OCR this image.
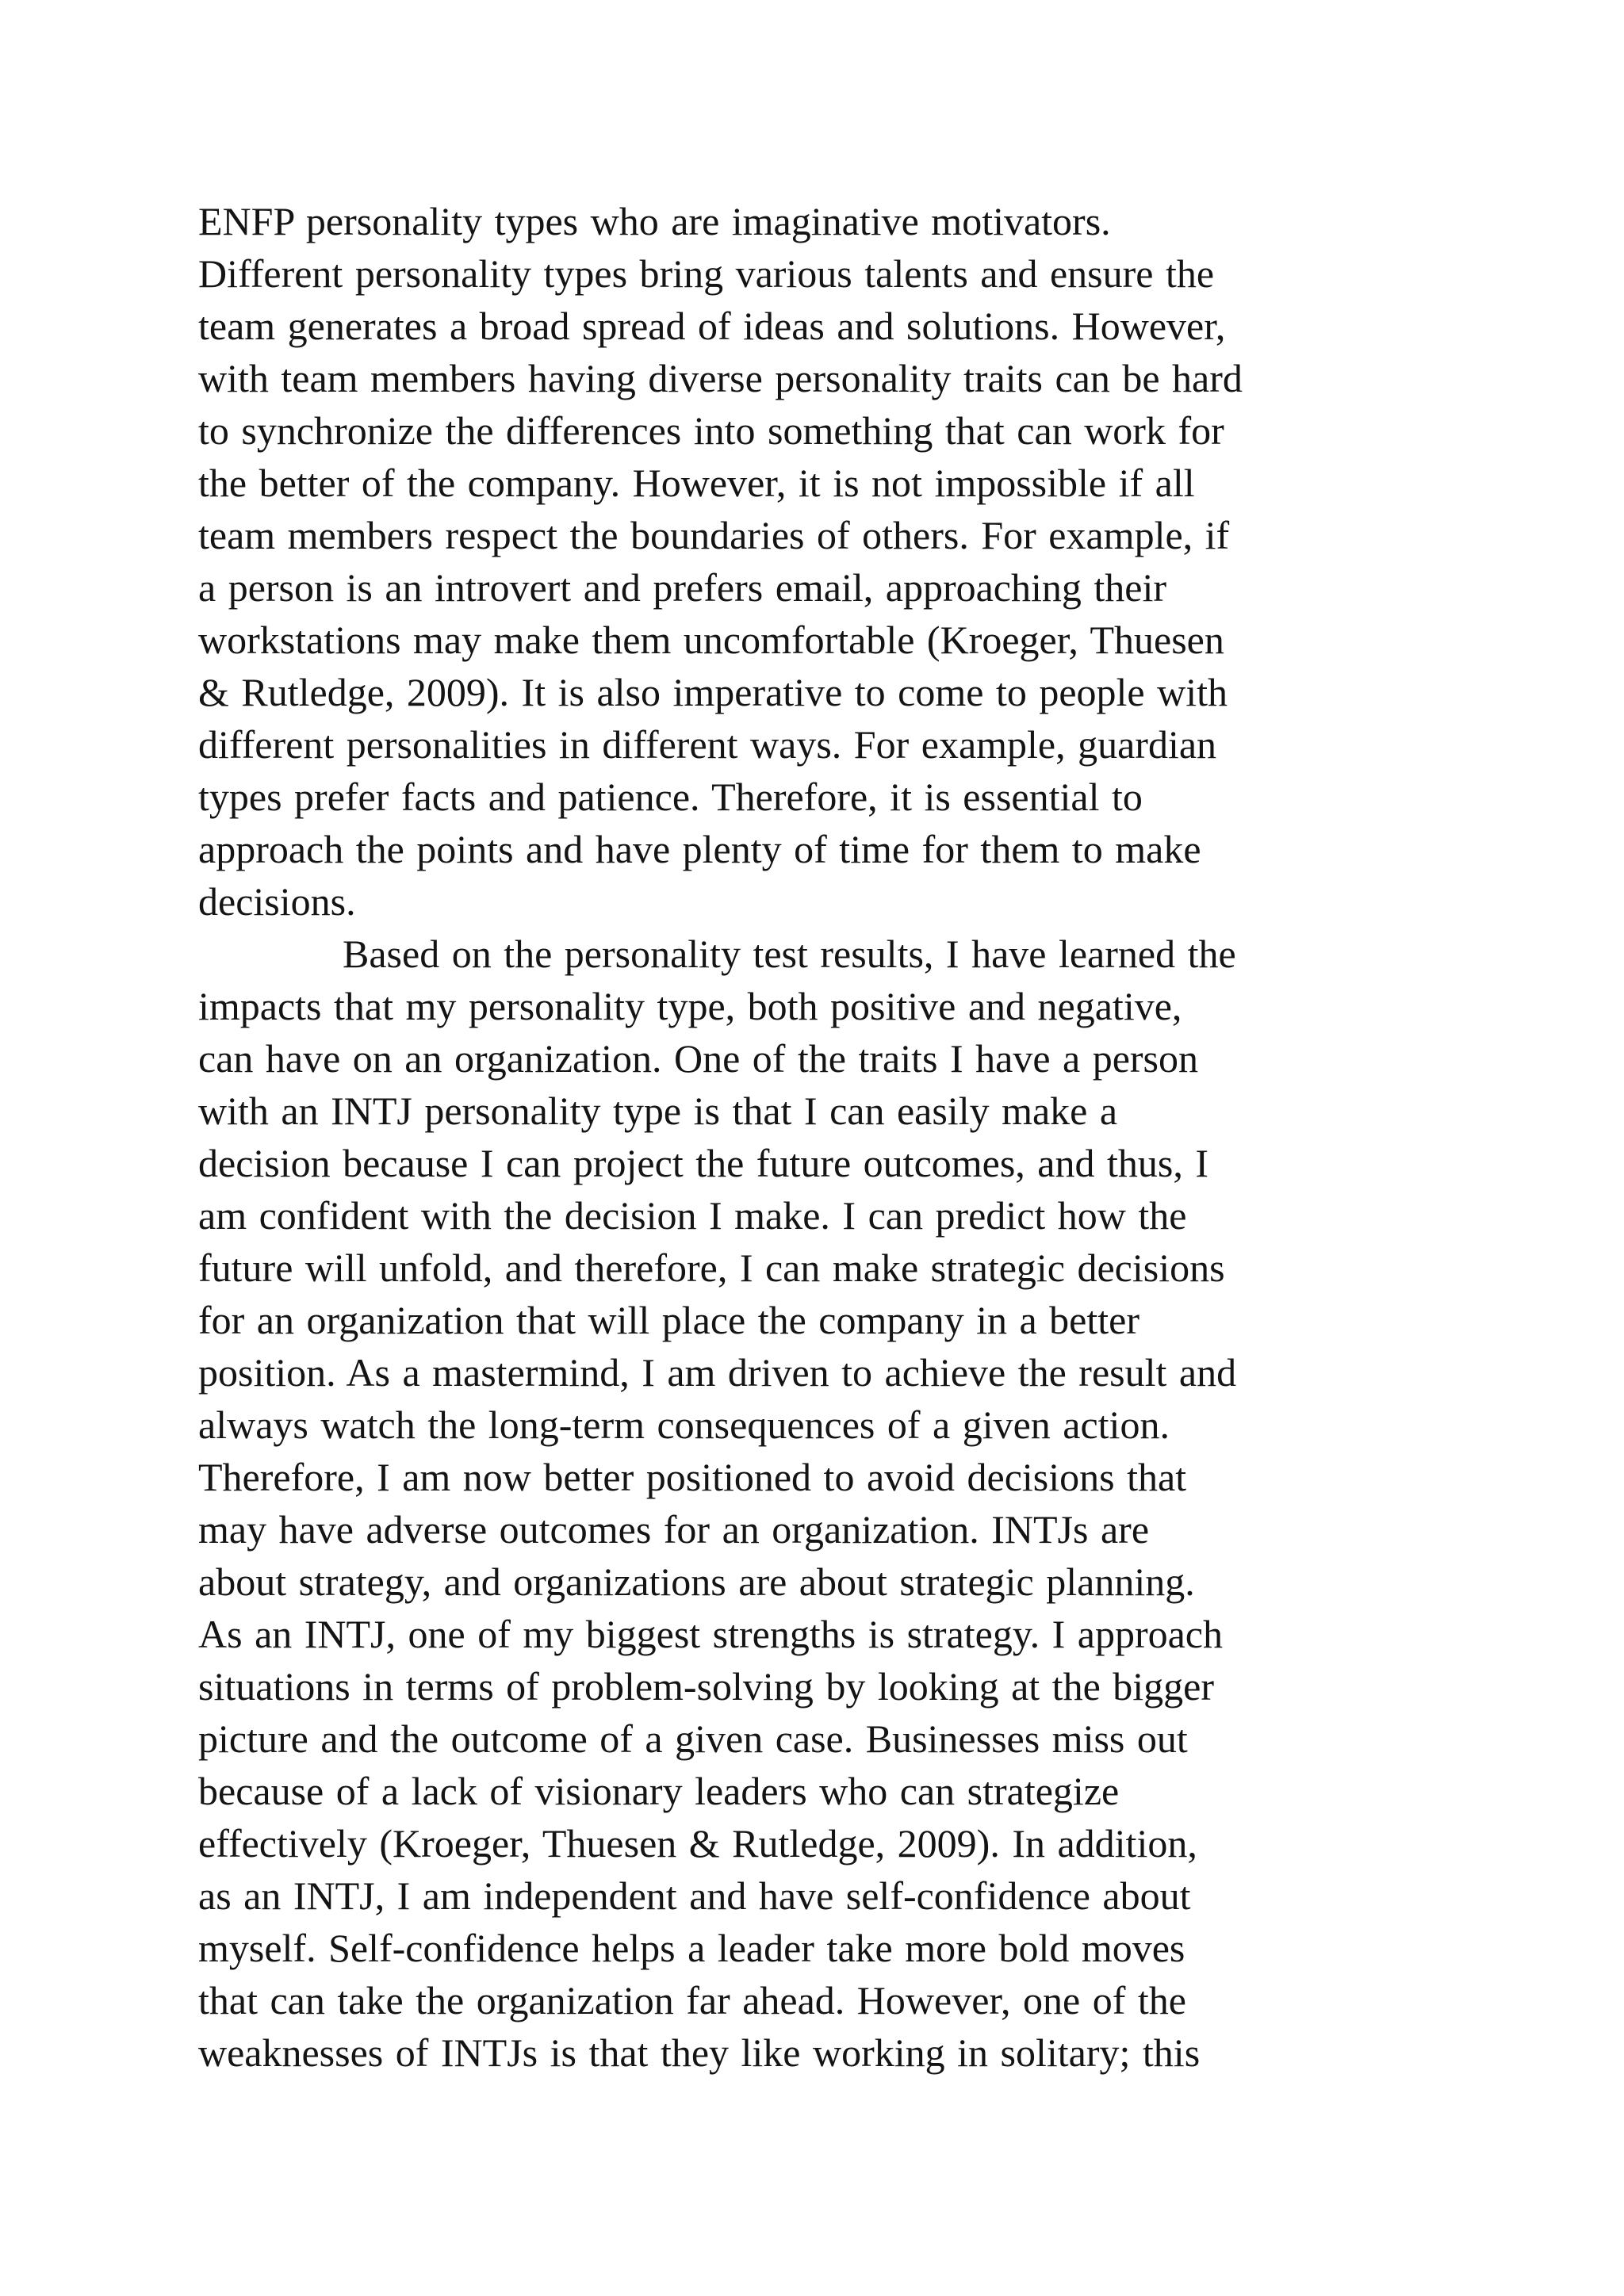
ENFP personality types who are imaginative motivators.
Different personality types bring various talents and ensure the
team generates a broad spread of ideas and solutions. However,
with team members having diverse personality traits can be hard
to synchronize the differences into something that can work for
the better of the company. However, it is not impossible if all
team members respect the boundaries of others. For example, if
a person is an introvert and prefers email, approaching their
workstations may make them uncomfortable (Kroeger, Thuesen
& Rutledge, 2009). It is also imperative to come to people with
different personalities in different ways. For example, guardian
types prefer facts and patience. Therefore, it is essential to
approach the points and have plenty of time for them to make
decisions.
Based on the personality test results, I have learned the
impacts that my personality type, both positive and negative,
can have on an organization. One of the traits I have a person
with an INTJ personality type is that I can easily make a
decision because I can project the future outcomes, and thus, I
am confident with the decision I make. I can predict how the
future will unfold, and therefore, I can make strategic decisions
for an organization that will place the company in a better
position. As a mastermind, I am driven to achieve the result and
always watch the long-term consequences of a given action.
Therefore, I am now better positioned to avoid decisions that
may have adverse outcomes for an organization. INTJs are
about strategy, and organizations are about strategic planning.
As an INTJ, one of my biggest strengths is strategy. I approach
situations in terms of problem-solving by looking at the bigger
picture and the outcome of a given case. Businesses miss out
because of a lack of visionary leaders who can strategize
effectively (Kroeger, Thuesen & Rutledge, 2009). In addition,
as an INTJ, I am independent and have self-confidence about
myself. Self-confidence helps a leader take more bold moves
that can take the organization far ahead. However, one of the
weaknesses of INTJs is that they like working in solitary; this
